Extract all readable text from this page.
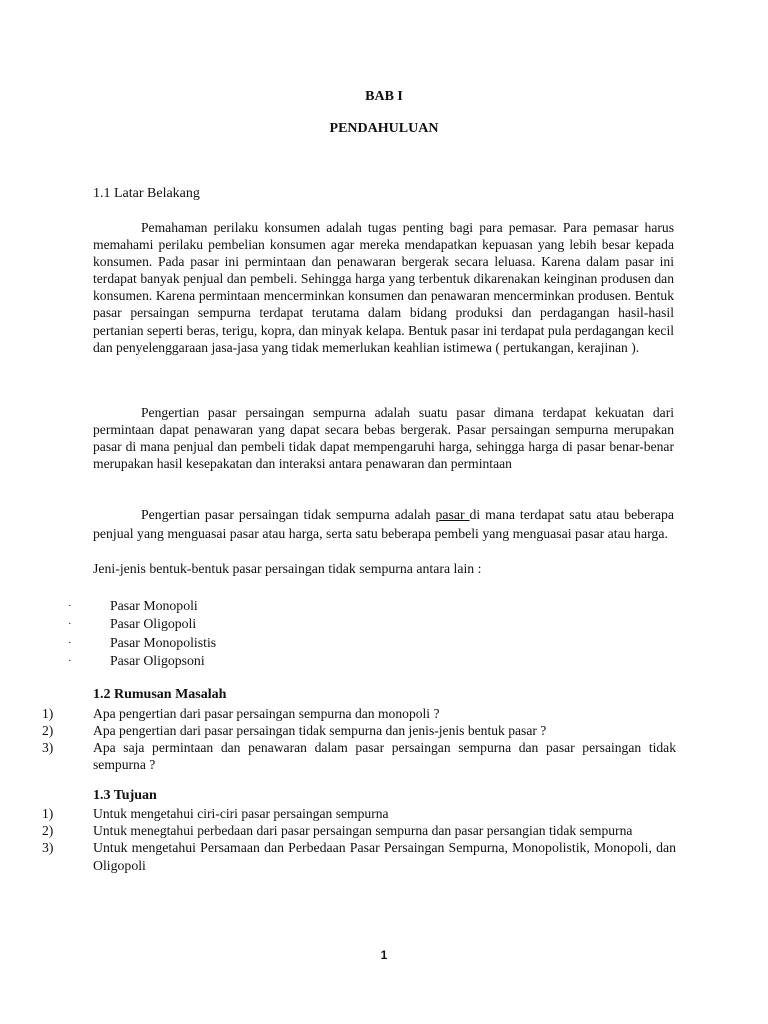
BAB I
PENDAHULUAN
1.1 Latar Belakang

Pemahaman perilaku konsumen adalah tugas penting bagi para pemasar. Para pemasar harus memahami perilaku pembelian konsumen agar mereka mendapatkan kepuasan yang lebih besar kepada konsumen. Pada pasar ini permintaan dan penawaran bergerak secara leluasa. Karena dalam pasar ini terdapat banyak penjual dan pembeli. Sehingga harga yang terbentuk dikarenakan keinginan produsen dan konsumen. Karena permintaan mencerminkan konsumen dan penawaran mencerminkan produsen. Bentuk pasar persaingan sempurna terdapat terutama dalam bidang produksi dan perdagangan hasil-hasil pertanian seperti beras, terigu, kopra, dan minyak kelapa. Bentuk pasar ini terdapat pula perdagangan kecil dan penyelenggaraan jasa-jasa yang tidak memerlukan keahlian istimewa ( pertukangan, kerajinan ).

Pengertian pasar persaingan sempurna adalah suatu pasar dimana terdapat kekuatan dari permintaan dapat penawaran yang dapat secara bebas bergerak. Pasar persaingan sempurna merupakan pasar di mana penjual dan pembeli tidak dapat mempengaruhi harga, sehingga harga di pasar benar-benar merupakan hasil kesepakatan dan interaksi antara penawaran dan permintaan

Pengertian pasar persaingan tidak sempurna adalah pasar di mana terdapat satu atau beberapa penjual yang menguasai pasar atau harga, serta satu beberapa pembeli yang menguasai pasar atau harga.

Jeni-jenis bentuk-bentuk pasar persaingan tidak sempurna antara lain :
·	Pasar Monopoli
·	Pasar Oligopoli
·	Pasar Monopolistis
·	Pasar Oligopsoni
1.2 Rumusan Masalah
1)	Apa pengertian dari pasar persaingan sempurna dan monopoli ?
2)	Apa pengertian dari pasar persaingan tidak sempurna dan jenis-jenis bentuk pasar ?
3)	Apa saja permintaan dan penawaran dalam pasar persaingan sempurna dan pasar persaingan tidak sempurna ?
1.3 Tujuan
1)	Untuk mengetahui ciri-ciri pasar persaingan sempurna
2)	Untuk menegtahui perbedaan dari pasar persaingan sempurna dan pasar persangian tidak sempurna
3)	Untuk mengetahui Persamaan dan Perbedaan Pasar Persaingan Sempurna, Monopolistik, Monopoli, dan Oligopoli
1
